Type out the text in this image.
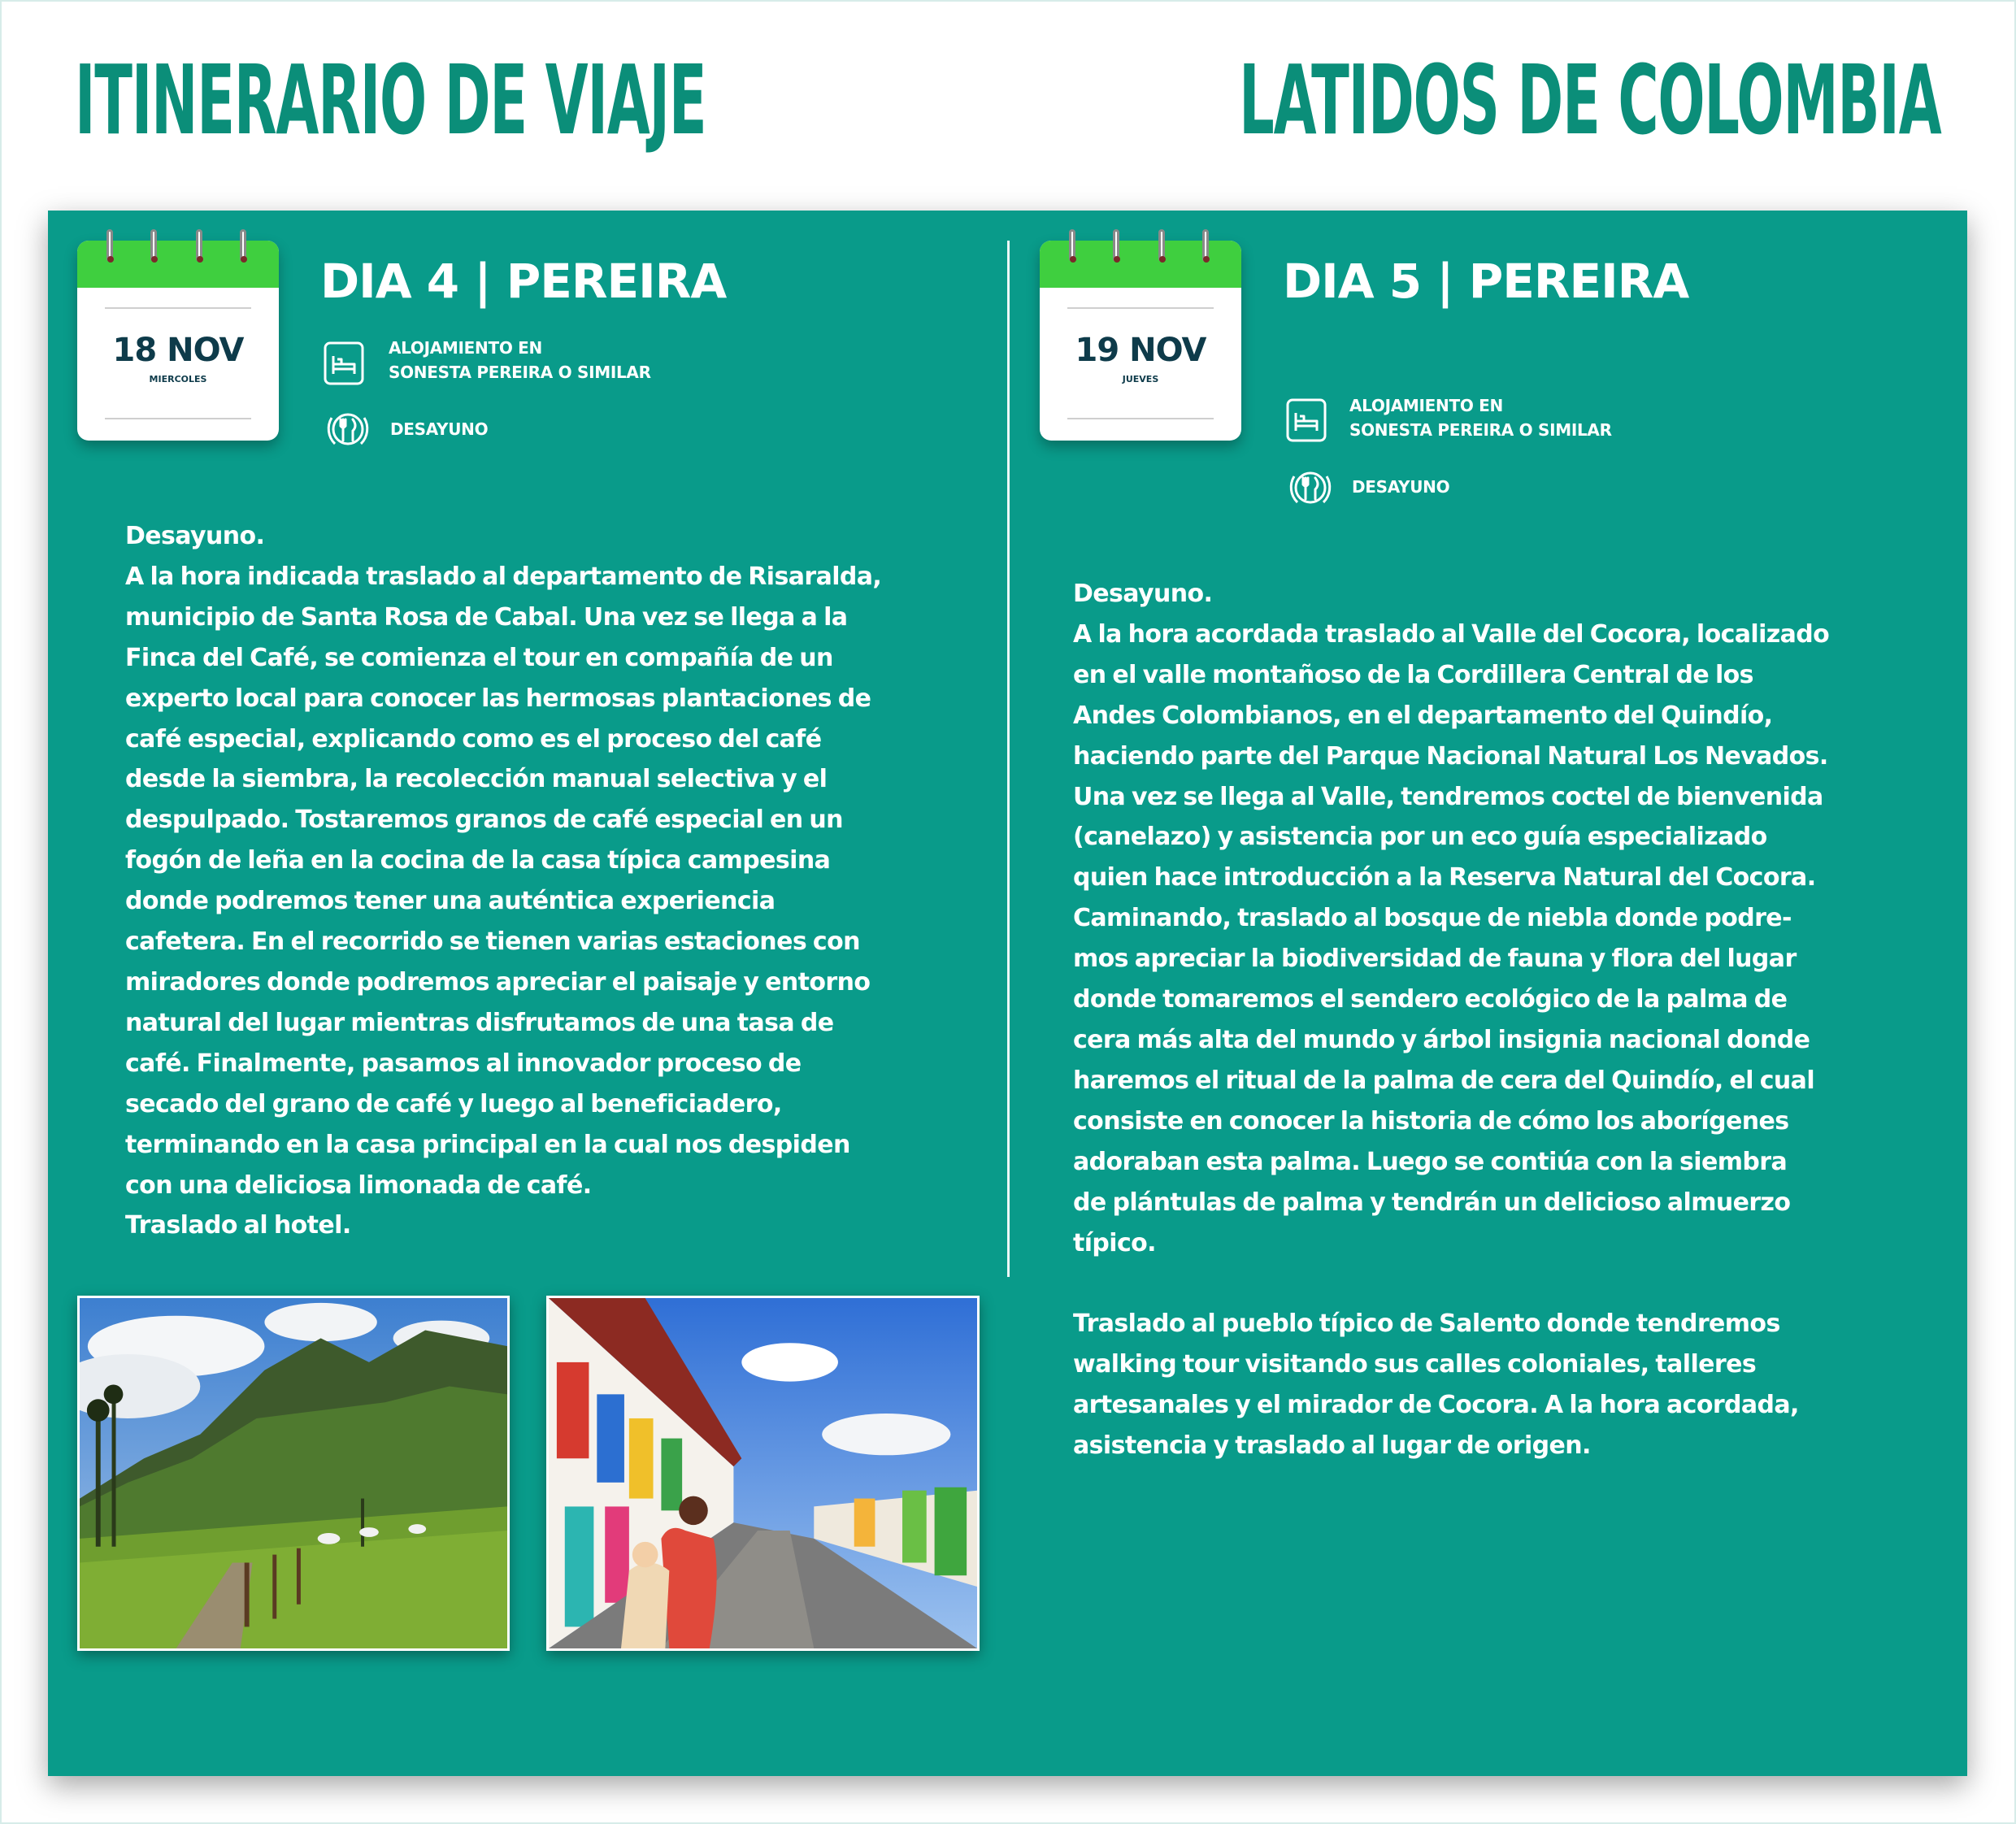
ITINERARIO DE VIAJE	LATIDOS DE COLOMBIA
18 NOV
MIERCOLES
DIA 4 | PEREIRA
ALOJAMIENTO EN
SONESTA PEREIRA O SIMILAR
DESAYUNO

Desayuno.

A la hora indicada traslado al departamento de Risaralda,

municipio de Santa Rosa de Cabal. Una vez se llega a la

Finca del Café, se comienza el tour en compañía de un

experto local para conocer las hermosas plantaciones de

café especial, explicando como es el proceso del café

desde la siembra, la recolección manual selectiva y el

despulpado. Tostaremos granos de café especial en un

fogón de leña en la cocina de la casa típica campesina

donde podremos tener una auténtica experiencia

cafetera. En el recorrido se tienen varias estaciones con

miradores donde podremos apreciar el paisaje y entorno

natural del lugar mientras disfrutamos de una tasa de

café. Finalmente, pasamos al innovador proceso de

secado del grano de café y luego al beneficiadero,

terminando en la casa principal en la cual nos despiden

con una deliciosa limonada de café.

Traslado al hotel.

19 NOV
JUEVES
DIA 5 | PEREIRA
ALOJAMIENTO EN
SONESTA PEREIRA O SIMILAR
DESAYUNO

Desayuno.

A la hora acordada traslado al Valle del Cocora, localizado

en el valle montañoso de la Cordillera Central de los

Andes Colombianos, en el departamento del Quindío,

haciendo parte del Parque Nacional Natural Los Nevados.

Una vez se llega al Valle, tendremos coctel de bienvenida

(canelazo) y asistencia por un eco guía especializado

quien hace introducción a la Reserva Natural del Cocora.

Caminando, traslado al bosque de niebla donde podre-

mos apreciar la biodiversidad de fauna y flora del lugar

donde tomaremos el sendero ecológico de la palma de

cera más alta del mundo y árbol insignia nacional donde

haremos el ritual de la palma de cera del Quindío, el cual

consiste en conocer la historia de cómo los aborígenes

adoraban esta palma. Luego se contiúa con la siembra

de plántulas de palma y tendrán un delicioso almuerzo

típico.

Traslado al pueblo típico de Salento donde tendremos

walking tour visitando sus calles coloniales, talleres

artesanales y el mirador de Cocora. A la hora acordada,

asistencia y traslado al lugar de origen.
